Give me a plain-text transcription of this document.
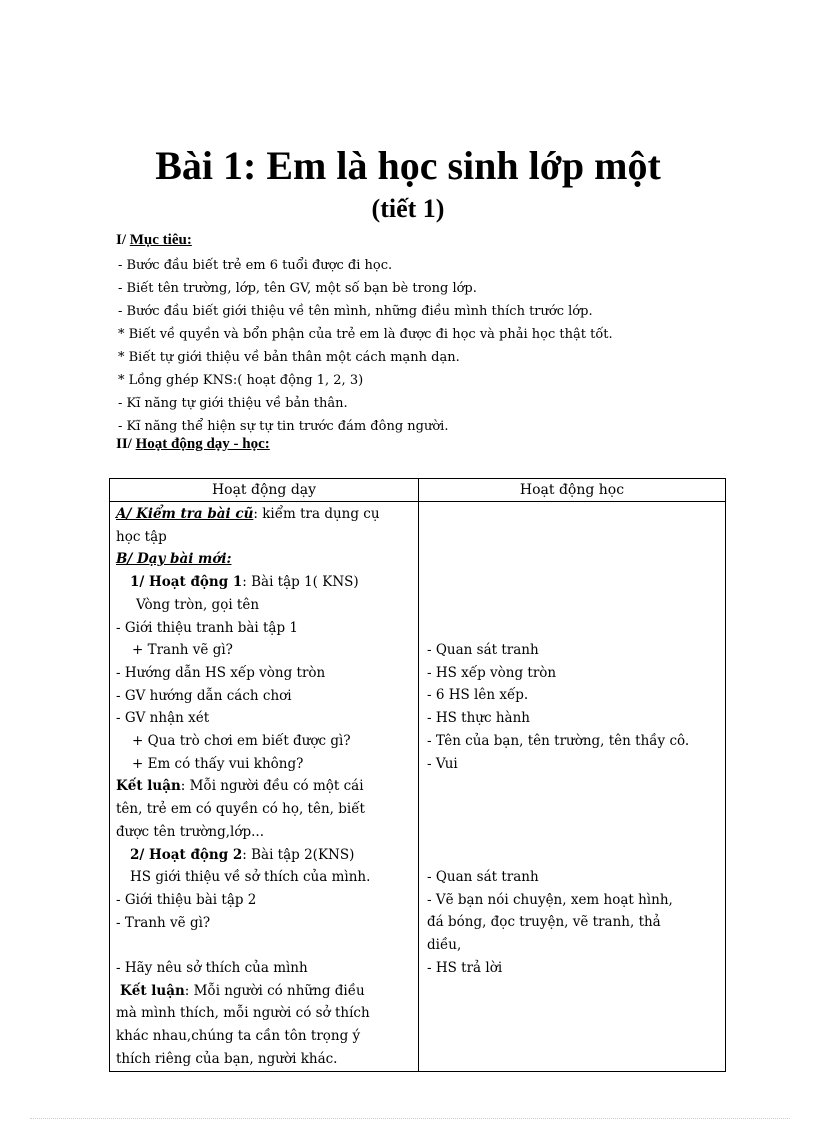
Bài 1: Em là học sinh lớp một
(tiết 1)
I/ Mục tiêu:
- Bước đầu biết trẻ em 6 tuổi được đi học.
- Biết tên trường, lớp, tên GV, một số bạn bè trong lớp.
- Bước đầu biết giới thiệu về tên mình, những điều mình thích trước lớp.
* Biết về quyền và bổn phận của trẻ em là được đi học và phải học thật tốt.
* Biết tự giới thiệu về bản thân một cách mạnh dạn.
* Lồng ghép KNS:( hoạt động 1, 2, 3)
- Kĩ năng tự giới thiệu về bản thân.
- Kĩ năng thể hiện sự tự tin trước đám đông người.
II/ Hoạt động dạy - học:
Hoạt động dạy	Hoạt động học
A/ Kiểm tra bài cũ: kiểm tra dụng cụ
học tập
B/ Dạy bài mới:
1/ Hoạt động 1: Bài tập 1( KNS)
Vòng tròn, gọi tên
- Giới thiệu tranh bài tập 1
+ Tranh vẽ gì?
- Hướng dẫn HS xếp vòng tròn
- GV hướng dẫn cách chơi
- GV nhận xét
+ Qua trò chơi em biết được gì?
+ Em có thấy vui không?
Kết luận: Mỗi người đều có một cái
tên, trẻ em có quyền có họ, tên, biết
được tên trường,lớp...
2/ Hoạt động 2: Bài tập 2(KNS)
HS giới thiệu về sở thích của mình.
- Giới thiệu bài tập 2
- Tranh vẽ gì?

- Hãy nêu sở thích của mình
Kết luận: Mỗi người có những điều
mà mình thích, mỗi người có sở thích
khác nhau,chúng ta cần tôn trọng ý
thích riêng của bạn, người khác.
- Quan sát tranh
- HS xếp vòng tròn
- 6 HS lên xếp.
- HS thực hành
- Tên của bạn, tên trường, tên thầy cô.
- Vui

- Quan sát tranh
- Vẽ bạn nói chuyện, xem hoạt hình,
đá bóng, đọc truyện, vẽ tranh, thả
diều,
- HS trả lời
